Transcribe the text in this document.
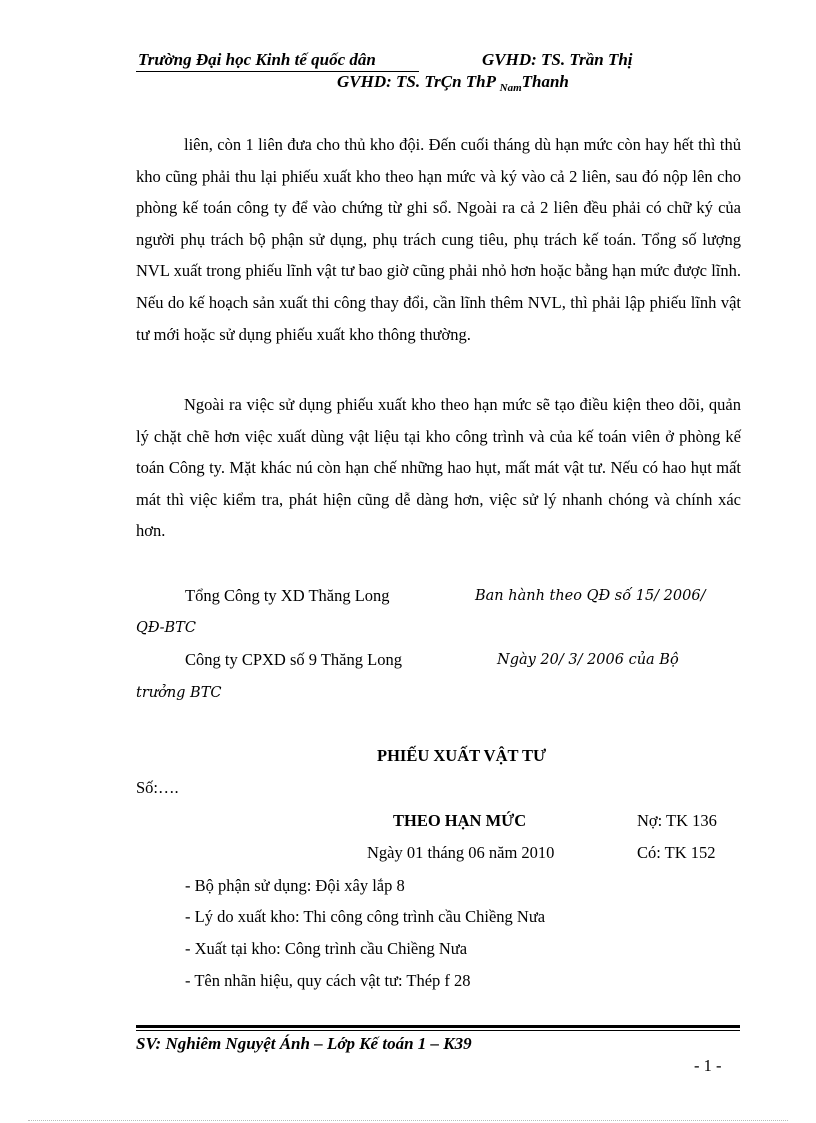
Trường Đại học Kinh tế quốc dân	GVHD: TS. Trần Thị
GVHD: TS. TrÇn ThP $_{Nam}$Thanh
liên, còn 1 liên đưa cho thủ kho đội. Đến cuối tháng dù hạn mức còn hay hết thì thủ kho cũng phải thu lại phiếu xuất kho theo hạn mức và ký vào cả 2 liên, sau đó nộp lên cho phòng kế toán công ty để vào chứng từ ghi sổ. Ngoài ra cả 2 liên đều phải có chữ ký của người phụ trách bộ phận sử dụng, phụ trách cung tiêu, phụ trách kế toán. Tổng số lượng NVL xuất trong phiếu lĩnh vật tư bao giờ cũng phải nhỏ hơn hoặc bằng hạn mức được lĩnh. Nếu do kế hoạch sản xuất thi công thay đổi, cần lĩnh thêm NVL, thì phải lập phiếu lĩnh vật tư mới hoặc sử dụng phiếu xuất kho thông thường.
Ngoài ra việc sử dụng phiếu xuất kho theo hạn mức sẽ tạo điều kiện theo dõi, quản lý chặt chẽ hơn việc xuất dùng vật liệu tại kho công trình và của kế toán viên ở phòng kế toán Công ty. Mặt khác nú còn hạn chế những hao hụt, mất mát vật tư. Nếu có hao hụt mất mát thì việc kiểm tra, phát hiện cũng dễ dàng hơn, việc sử lý nhanh chóng và chính xác hơn.
Tổng Công ty XD Thăng Long	Ban hành theo QĐ số 15/ 2006/
QĐ-BTC
Công ty CPXD số 9 Thăng Long	Ngày 20/ 3/ 2006 của Bộ
trưởng BTC
PHIẾU XUẤT VẬT TƯ
Số:….
THEO HẠN MỨC	Nợ: TK 136
Ngày 01 tháng 06 năm 2010	Có: TK 152
- Bộ phận sử dụng: Đội xây lắp 8
- Lý do xuất kho: Thi công công trình cầu Chiềng Nưa
- Xuất tại kho: Công trình cầu Chiềng Nưa
- Tên nhãn hiệu, quy cách vật tư: Thép f 28
SV: Nghiêm Nguyệt Ánh – Lớp Kế toán 1 – K39
- 1 -
